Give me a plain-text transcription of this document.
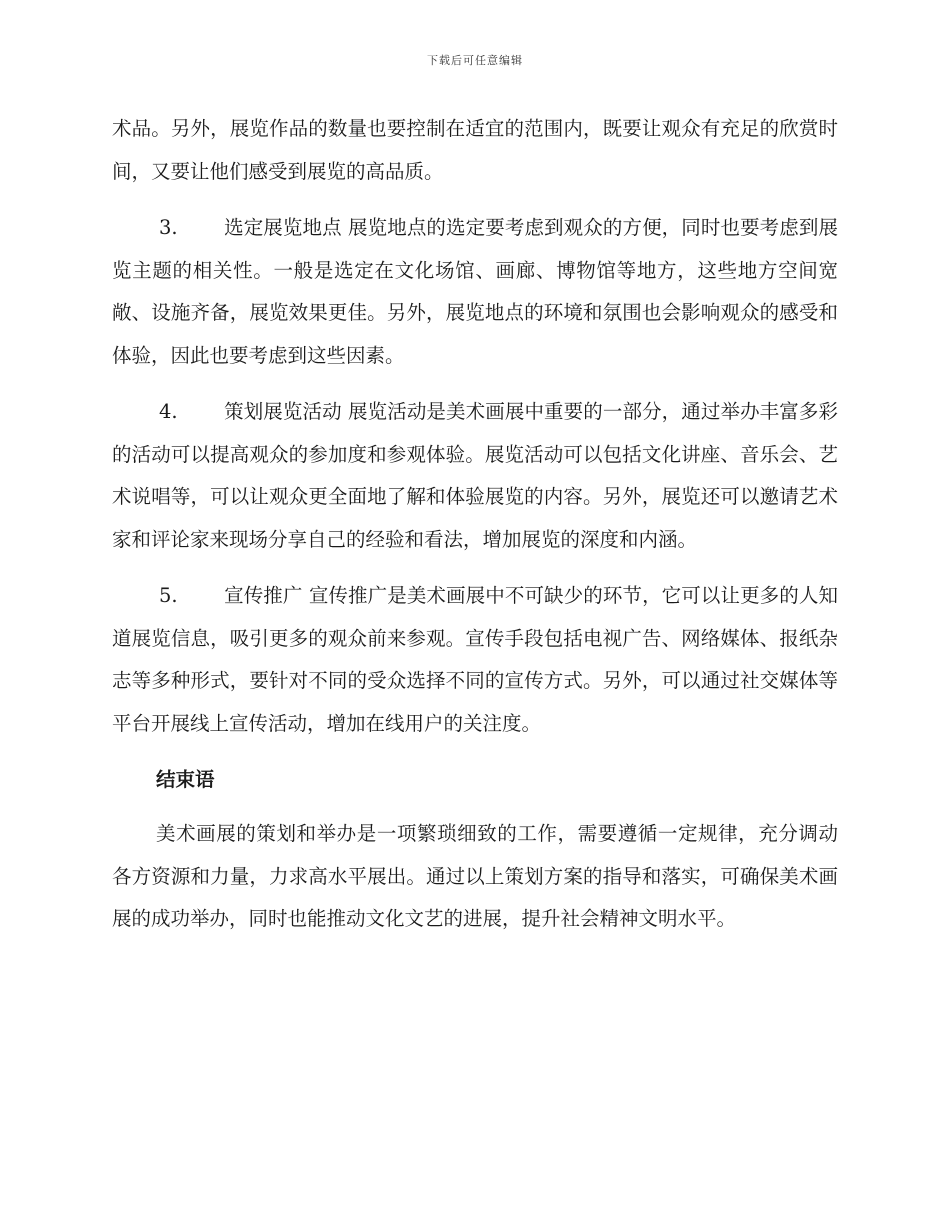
下载后可任意编辑

术品。另外，展览作品的数量也要控制在适宜的范围内，既要让观众有充足的欣赏时间，又要让他们感受到展览的高品质。

3. 选定展览地点 展览地点的选定要考虑到观众的方便，同时也要考虑到展览主题的相关性。一般是选定在文化场馆、画廊、博物馆等地方，这些地方空间宽敞、设施齐备，展览效果更佳。另外，展览地点的环境和氛围也会影响观众的感受和体验，因此也要考虑到这些因素。

4. 策划展览活动 展览活动是美术画展中重要的一部分，通过举办丰富多彩的活动可以提高观众的参加度和参观体验。展览活动可以包括文化讲座、音乐会、艺术说唱等，可以让观众更全面地了解和体验展览的内容。另外，展览还可以邀请艺术家和评论家来现场分享自己的经验和看法，增加展览的深度和内涵。

5. 宣传推广 宣传推广是美术画展中不可缺少的环节，它可以让更多的人知道展览信息，吸引更多的观众前来参观。宣传手段包括电视广告、网络媒体、报纸杂志等多种形式，要针对不同的受众选择不同的宣传方式。另外，可以通过社交媒体等平台开展线上宣传活动，增加在线用户的关注度。

结束语

美术画展的策划和举办是一项繁琐细致的工作，需要遵循一定规律，充分调动各方资源和力量，力求高水平展出。通过以上策划方案的指导和落实，可确保美术画展的成功举办，同时也能推动文化文艺的进展，提升社会精神文明水平。
